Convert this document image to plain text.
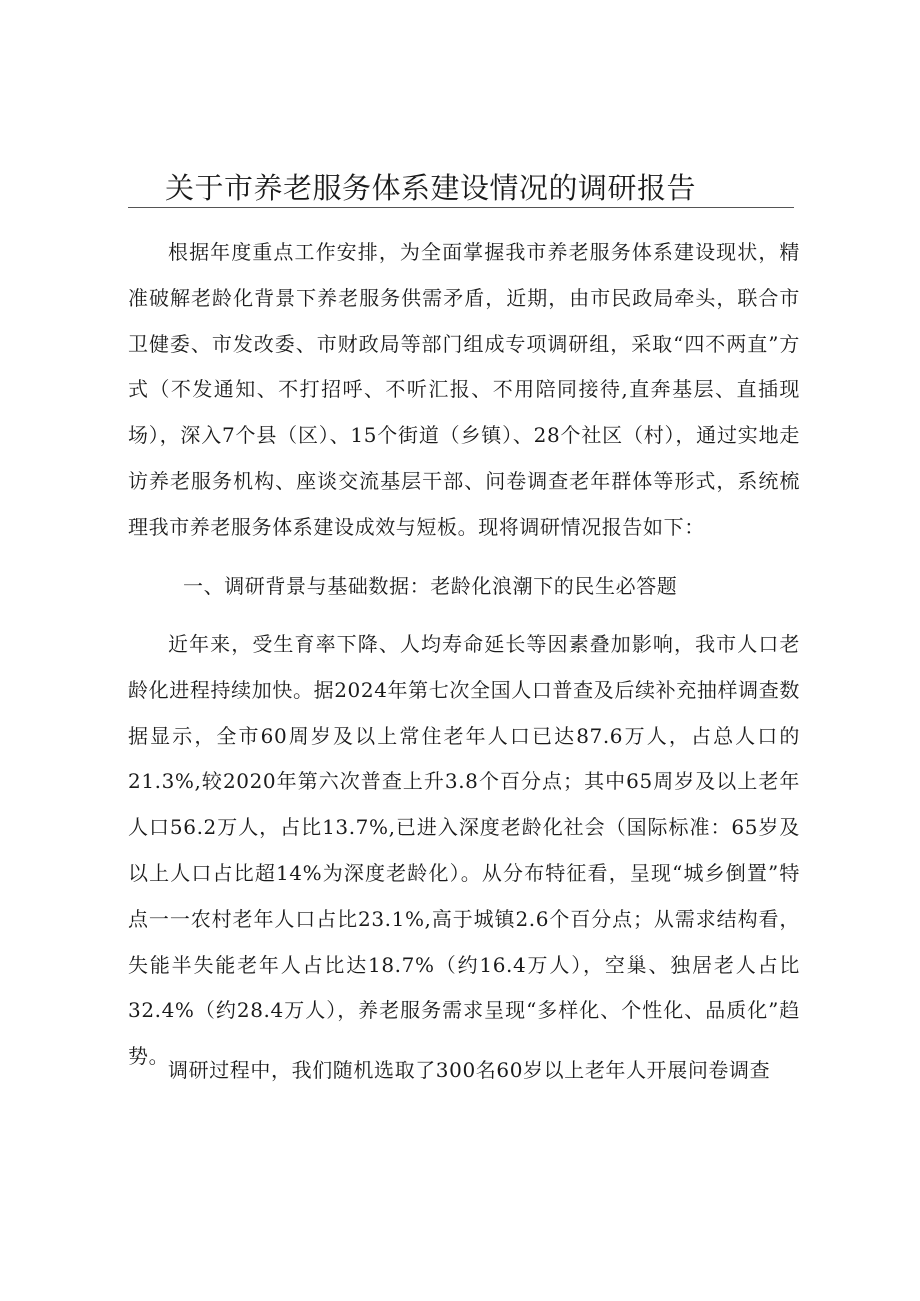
关于市养老服务体系建设情况的调研报告

根据年度重点工作安排，为全面掌握我市养老服务体系建设现状，精准破解老龄化背景下养老服务供需矛盾，近期，由市民政局牵头，联合市卫健委、市发改委、市财政局等部门组成专项调研组，采取“四不两直”方式（不发通知、不打招呼、不听汇报、不用陪同接待,直奔基层、直插现场），深入7个县（区）、15个街道（乡镇）、28个社区（村），通过实地走访养老服务机构、座谈交流基层干部、问卷调查老年群体等形式，系统梳理我市养老服务体系建设成效与短板。现将调研情况报告如下：

一、调研背景与基础数据：老龄化浪潮下的民生必答题

近年来，受生育率下降、人均寿命延长等因素叠加影响，我市人口老龄化进程持续加快。据2024年第七次全国人口普查及后续补充抽样调查数据显示，全市60周岁及以上常住老年人口已达87.6万人，占总人口的21.3%,较2020年第六次普查上升3.8个百分点；其中65周岁及以上老年人口56.2万人，占比13.7%,已进入深度老龄化社会（国际标准：65岁及以上人口占比超14%为深度老龄化）。从分布特征看，呈现“城乡倒置”特点一一农村老年人口占比23.1%,高于城镇2.6个百分点；从需求结构看，失能半失能老年人占比达18.7%（约16.4万人），空巢、独居老人占比32.4%（约28.4万人），养老服务需求呈现“多样化、个性化、品质化”趋势。

调研过程中，我们随机选取了300名60岁以上老年人开展问卷调查
